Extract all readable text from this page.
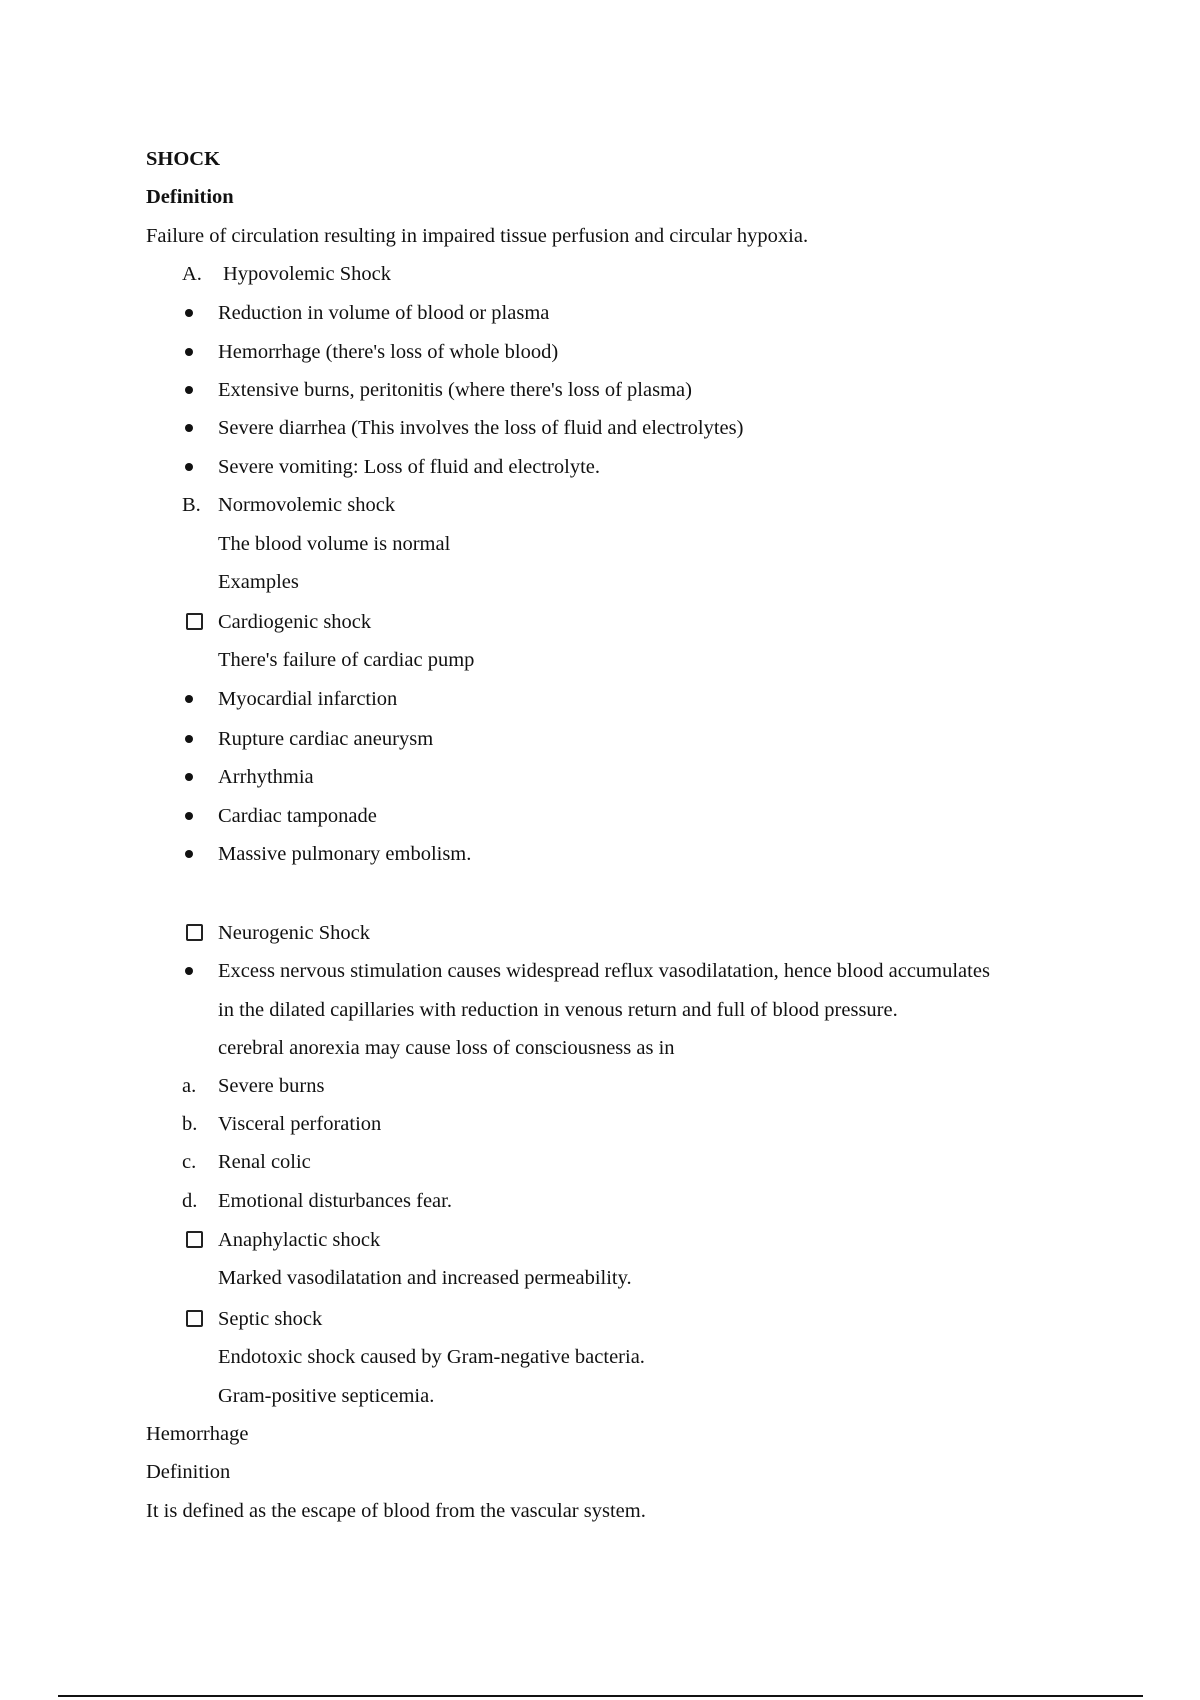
SHOCK
Definition
Failure of circulation resulting in impaired tissue perfusion and circular hypoxia.
A. Hypovolemic Shock
Reduction in volume of blood or plasma
Hemorrhage (there's loss of whole blood)
Extensive burns, peritonitis (where there's loss of plasma)
Severe diarrhea (This involves the loss of fluid and electrolytes)
Severe vomiting: Loss of fluid and electrolyte.
B. Normovolemic shock
The blood volume is normal
Examples
Cardiogenic shock
There's failure of cardiac pump
Myocardial infarction
Rupture cardiac aneurysm
Arrhythmia
Cardiac tamponade
Massive pulmonary embolism.
Neurogenic Shock
Excess nervous stimulation causes widespread reflux vasodilatation, hence blood accumulates
in the dilated capillaries with reduction in venous return and full of blood pressure.
cerebral anorexia may cause loss of consciousness as in
a. Severe burns
b. Visceral perforation
c. Renal colic
d. Emotional disturbances fear.
Anaphylactic shock
Marked vasodilatation and increased permeability.
Septic shock
Endotoxic shock caused by Gram-negative bacteria.
Gram-positive septicemia.
Hemorrhage
Definition
It is defined as the escape of blood from the vascular system.
